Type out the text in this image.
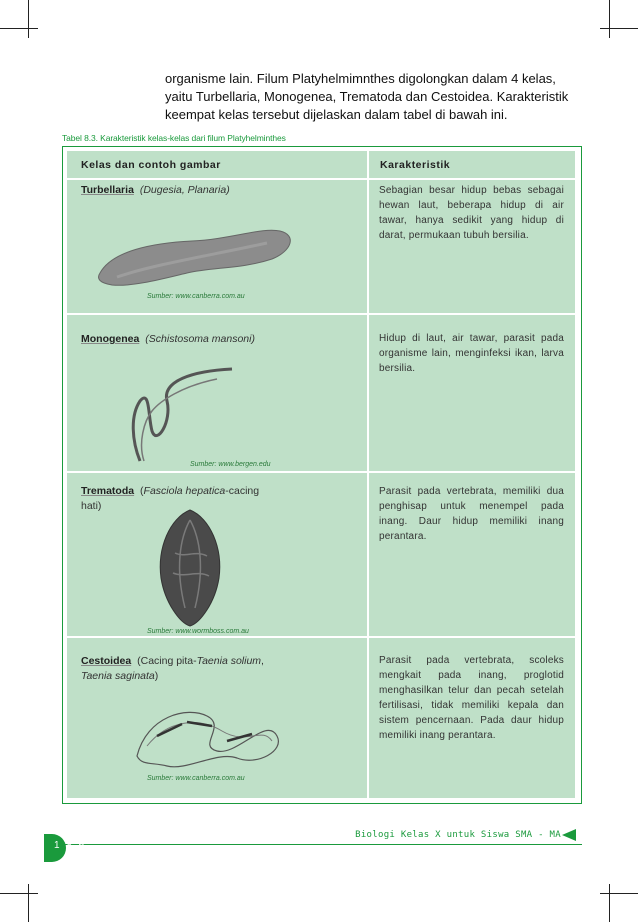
organisme lain. Filum Platyhelmimnthes digolongkan dalam 4 kelas,
yaitu Turbellaria, Monogenea, Trematoda dan Cestoidea. Karakteristik
keempat kelas tersebut dijelaskan dalam tabel di bawah ini.
Tabel 8.3. Karakteristik kelas-kelas dari filum Platyhelminthes
Kelas dan contoh gambar	Karakteristik
Turbellaria (Dugesia, Planaria)
Sumber: www.canberra.com.au
Sebagian besar hidup bebas sebagai hewan laut, beberapa hidup di air tawar, hanya sedikit yang hidup di darat, permukaan tubuh bersilia.
Monogenea (Schistosoma mansoni)
Sumber: www.bergen.edu
Hidup di laut, air tawar, parasit pada organisme lain, menginfeksi ikan, larva bersilia.
Trematoda (Fasciola hepatica-cacing hati)
Sumber: www.wormboss.com.au
Parasit pada vertebrata, memiliki dua penghisap untuk menempel pada inang. Daur hidup memiliki inang perantara.
Cestoidea (Cacing pita-Taenia solium, Taenia saginata)
Sumber: www.canberra.com.au
Parasit pada vertebrata, scoleks mengkait pada inang, proglotid menghasilkan telur dan pecah setelah fertilisasi, tidak memiliki kepala dan sistem pencernaan. Pada daur hidup memiliki inang perantara.
Biologi Kelas X untuk Siswa SMA - MA
1 8 6
